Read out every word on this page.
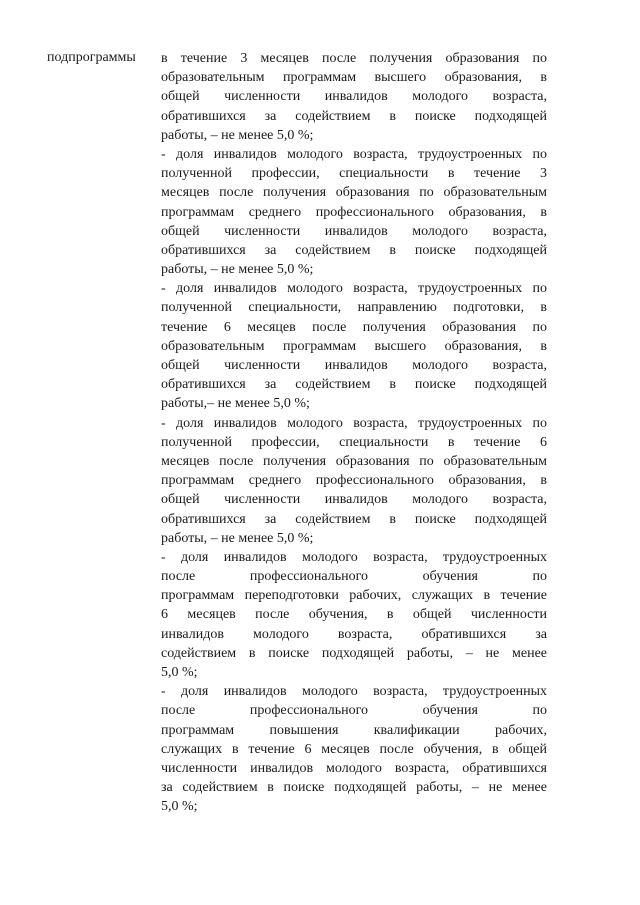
подпрограммы в течение 3 месяцев после получения образования по
образовательным программам высшего образования, в
общей численности инвалидов молодого возраста,
обратившихся за содействием в поиске подходящей
работы, – не менее 5,0 %;
- доля инвалидов молодого возраста, трудоустроенных по
полученной профессии, специальности в течение 3
месяцев после получения образования по образовательным
программам среднего профессионального образования, в
общей численности инвалидов молодого возраста,
обратившихся за содействием в поиске подходящей
работы, – не менее 5,0 %;
- доля инвалидов молодого возраста, трудоустроенных по
полученной специальности, направлению подготовки, в
течение 6 месяцев после получения образования по
образовательным программам высшего образования, в
общей численности инвалидов молодого возраста,
обратившихся за содействием в поиске подходящей
работы,– не менее 5,0 %;
- доля инвалидов молодого возраста, трудоустроенных по
полученной профессии, специальности в течение 6
месяцев после получения образования по образовательным
программам среднего профессионального образования, в
общей численности инвалидов молодого возраста,
обратившихся за содействием в поиске подходящей
работы, – не менее 5,0 %;
- доля инвалидов молодого возраста, трудоустроенных
после профессионального обучения по
программам переподготовки рабочих, служащих в течение
6 месяцев после обучения, в общей численности
инвалидов молодого возраста, обратившихся за
содействием в поиске подходящей работы, – не менее
5,0 %;
- доля инвалидов молодого возраста, трудоустроенных
после профессионального обучения по
программам повышения квалификации рабочих,
служащих в течение 6 месяцев после обучения, в общей
численности инвалидов молодого возраста, обратившихся
за содействием в поиске подходящей работы, – не менее
5,0 %;
